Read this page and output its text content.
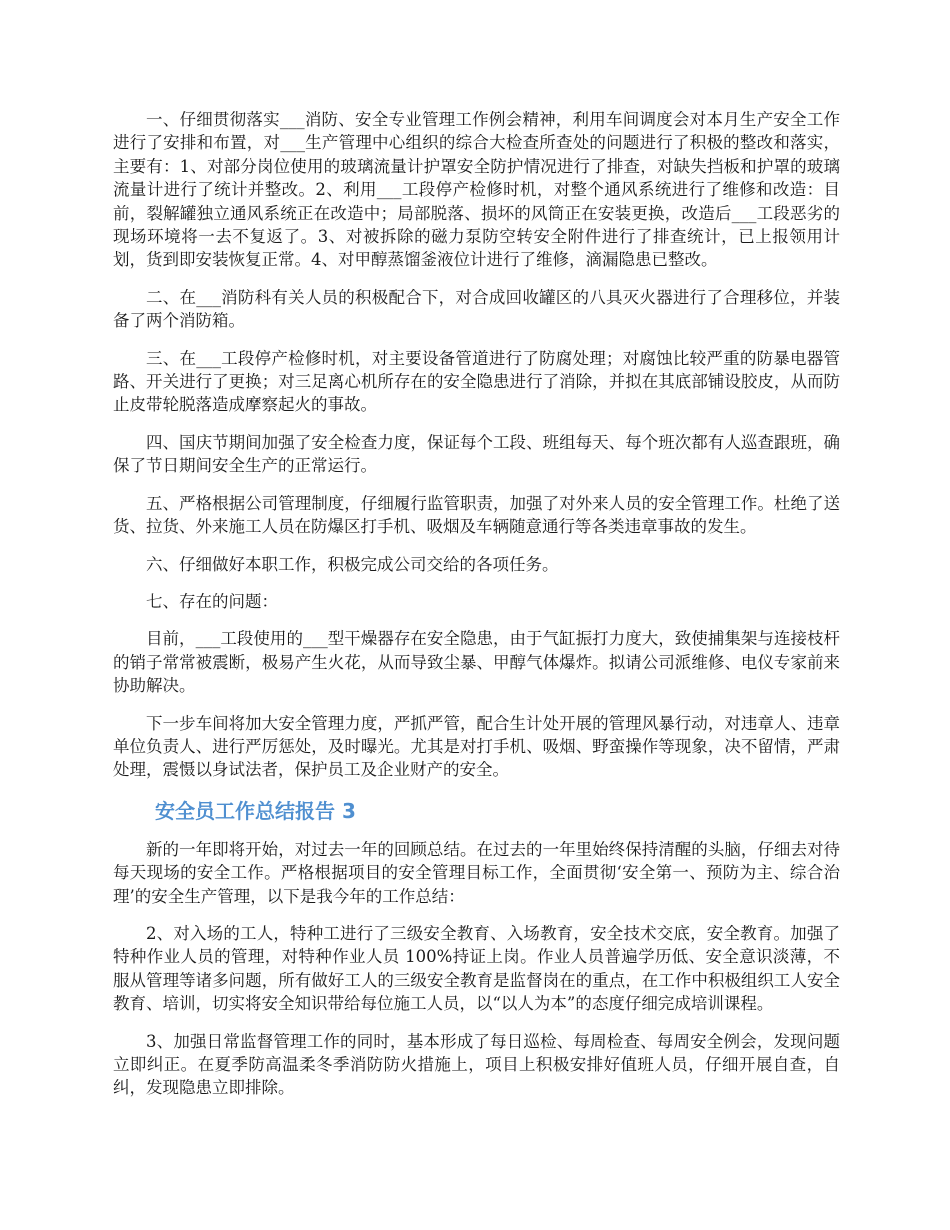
一、仔细贯彻落实___消防、安全专业管理工作例会精神，利用车间调度会对本月生产安全工作进行了安排和布置，对___生产管理中心组织的综合大检查所查处的问题进行了积极的整改和落实，主要有：1、对部分岗位使用的玻璃流量计护罩安全防护情况进行了排查，对缺失挡板和护罩的玻璃流量计进行了统计并整改。2、利用___工段停产检修时机，对整个通风系统进行了维修和改造：目前，裂解罐独立通风系统正在改造中；局部脱落、损坏的风筒正在安装更换，改造后___工段恶劣的现场环境将一去不复返了。3、对被拆除的磁力泵防空转安全附件进行了排查统计，已上报领用计划，货到即安装恢复正常。4、对甲醇蒸馏釜液位计进行了维修，滴漏隐患已整改。

二、在___消防科有关人员的积极配合下，对合成回收罐区的八具灭火器进行了合理移位，并装备了两个消防箱。

三、在___工段停产检修时机，对主要设备管道进行了防腐处理；对腐蚀比较严重的防暴电器管路、开关进行了更换；对三足离心机所存在的安全隐患进行了消除，并拟在其底部铺设胶皮，从而防止皮带轮脱落造成摩察起火的事故。

四、国庆节期间加强了安全检查力度，保证每个工段、班组每天、每个班次都有人巡查跟班，确保了节日期间安全生产的正常运行。

五、严格根据公司管理制度，仔细履行监管职责，加强了对外来人员的安全管理工作。杜绝了送货、拉货、外来施工人员在防爆区打手机、吸烟及车辆随意通行等各类违章事故的发生。

六、仔细做好本职工作，积极完成公司交给的各项任务。

七、存在的问题：

目前，___工段使用的___型干燥器存在安全隐患，由于气缸振打力度大，致使捕集架与连接枝杆的销子常常被震断，极易产生火花，从而导致尘暴、甲醇气体爆炸。拟请公司派维修、电仪专家前来协助解决。

下一步车间将加大安全管理力度，严抓严管，配合生计处开展的管理风暴行动，对违章人、违章单位负责人、进行严厉惩处，及时曝光。尤其是对打手机、吸烟、野蛮操作等现象，决不留情，严肃处理，震慑以身试法者，保护员工及企业财产的安全。

安全员工作总结报告 3

新的一年即将开始，对过去一年的回顾总结。在过去的一年里始终保持清醒的头脑，仔细去对待每天现场的安全工作。严格根据项目的安全管理目标工作，全面贯彻‘安全第一、预防为主、综合治理’的安全生产管理，以下是我今年的工作总结：

2、对入场的工人，特种工进行了三级安全教育、入场教育，安全技术交底，安全教育。加强了特种作业人员的管理，对特种作业人员 100%持证上岗。作业人员普遍学历低、安全意识淡薄，不服从管理等诸多问题，所有做好工人的三级安全教育是监督岗在的重点，在工作中积极组织工人安全教育、培训，切实将安全知识带给每位施工人员，以“以人为本”的态度仔细完成培训课程。

3、加强日常监督管理工作的同时，基本形成了每日巡检、每周检查、每周安全例会，发现问题立即纠正。在夏季防高温柔冬季消防防火措施上，项目上积极安排好值班人员，仔细开展自查，自纠，发现隐患立即排除。
